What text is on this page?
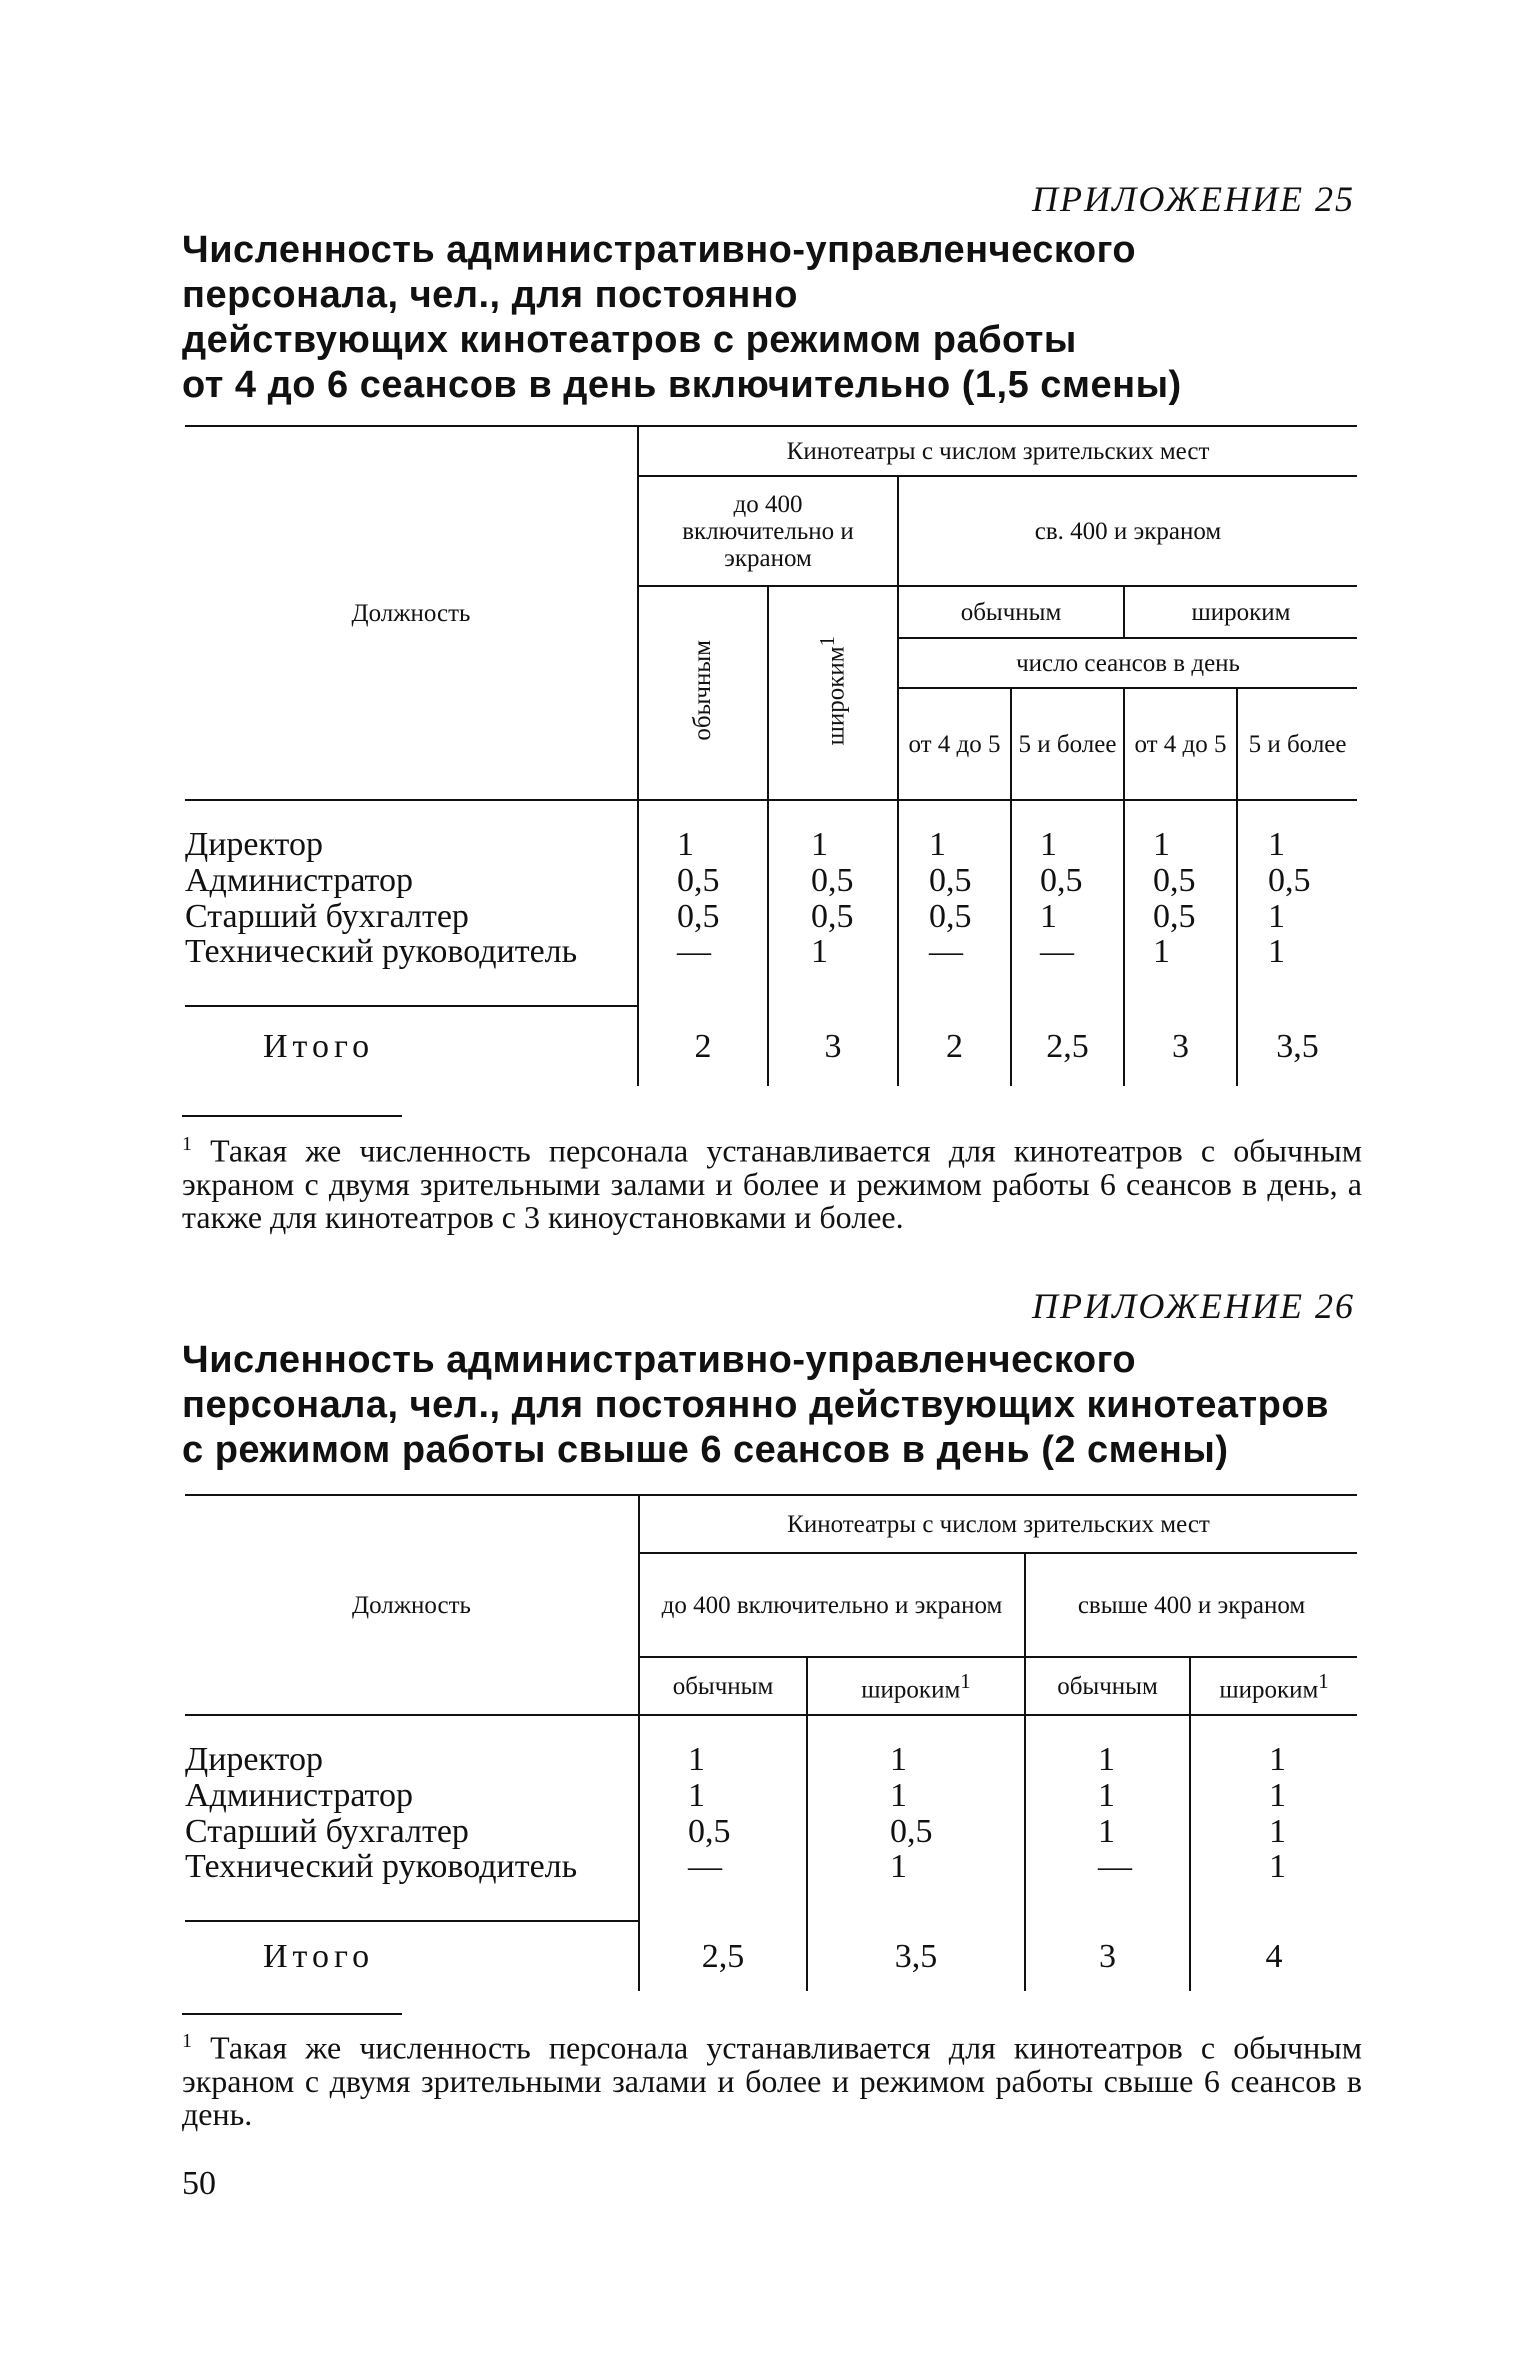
ПРИЛОЖЕНИЕ 25
Численность административно-управленческого
персонала, чел., для постоянно
действующих кинотеатров с режимом работы
от 4 до 6 сеансов в день включительно (1,5 смены)
Должность	Кинотеатры с числом зрительских мест					
	до 400 включительно и экраном		св. 400 и экраном			
	обычным	широким$^1$	обычным		широким	
			число сеансов в день			
			от 4 до 5	5 и более	от 4 до 5	5 и более
Директор	1	1	1	1	1	1
Администратор	0,5	0,5	0,5	0,5	0,5	0,5
Старший бухгалтер	0,5	0,5	0,5	1	0,5	1
Технический руководитель	—	1	—	—	1	1
Итого	2	3	2	2,5	3	3,5

$^1$ Такая же численность персонала устанавливается для кинотеатров с обычным экраном с двумя зрительными залами и более и режимом работы 6 сеансов в день, а также для кинотеатров с 3 киноустановками и более.

ПРИЛОЖЕНИЕ 26
Численность административно-управленческого
персонала, чел., для постоянно действующих кинотеатров
с режимом работы свыше 6 сеансов в день (2 смены)
Должность	Кинотеатры с числом зрительских мест			
	до 400 включительно и экраном		свыше 400 и экраном	
	обычным	широким$^1$	обычным	широким$^1$
Директор	1	1	1	1
Администратор	1	1	1	1
Старший бухгалтер	0,5	0,5	1	1
Технический руководитель	—	1	—	1
Итого	2,5	3,5	3	4

$^1$ Такая же численность персонала устанавливается для кинотеатров с обычным экраном с двумя зрительными залами и более и режимом работы свыше 6 сеансов в день.

50
